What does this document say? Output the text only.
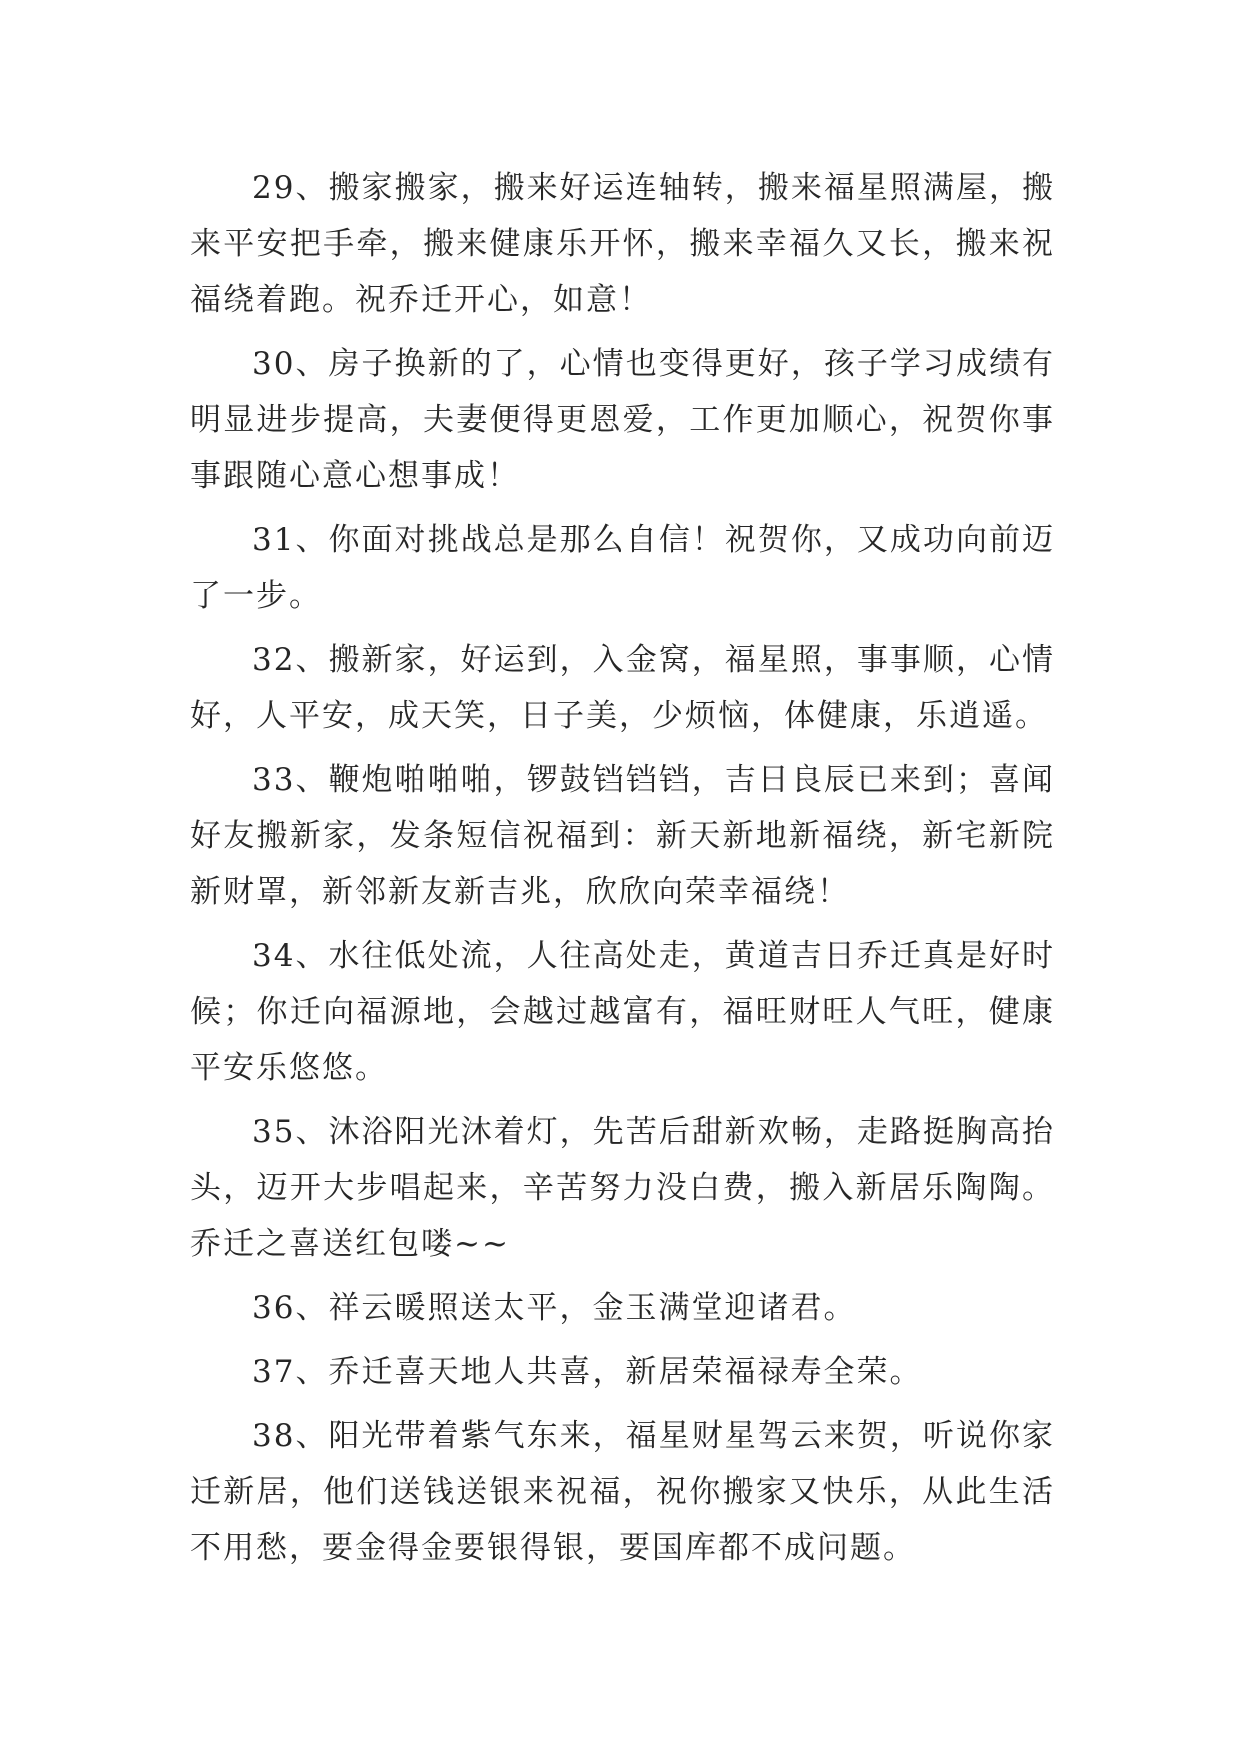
29、搬家搬家，搬来好运连轴转，搬来福星照满屋，搬来平安把手牵，搬来健康乐开怀，搬来幸福久又长，搬来祝福绕着跑。祝乔迁开心，如意！

30、房子换新的了，心情也变得更好，孩子学习成绩有明显进步提高，夫妻便得更恩爱，工作更加顺心，祝贺你事事跟随心意心想事成！

31、你面对挑战总是那么自信！祝贺你，又成功向前迈了一步。

32、搬新家，好运到，入金窝，福星照，事事顺，心情好，人平安，成天笑，日子美，少烦恼，体健康，乐逍遥。

33、鞭炮啪啪啪，锣鼓铛铛铛，吉日良辰已来到；喜闻好友搬新家，发条短信祝福到：新天新地新福绕，新宅新院新财罩，新邻新友新吉兆，欣欣向荣幸福绕！

34、水往低处流，人往高处走，黄道吉日乔迁真是好时候；你迁向福源地，会越过越富有，福旺财旺人气旺，健康平安乐悠悠。

35、沐浴阳光沐着灯，先苦后甜新欢畅，走路挺胸高抬头，迈开大步唱起来，辛苦努力没白费，搬入新居乐陶陶。乔迁之喜送红包喽~~

36、祥云暖照送太平，金玉满堂迎诸君。

37、乔迁喜天地人共喜，新居荣福禄寿全荣。

38、阳光带着紫气东来，福星财星驾云来贺，听说你家迁新居，他们送钱送银来祝福，祝你搬家又快乐，从此生活不用愁，要金得金要银得银，要国库都不成问题。
